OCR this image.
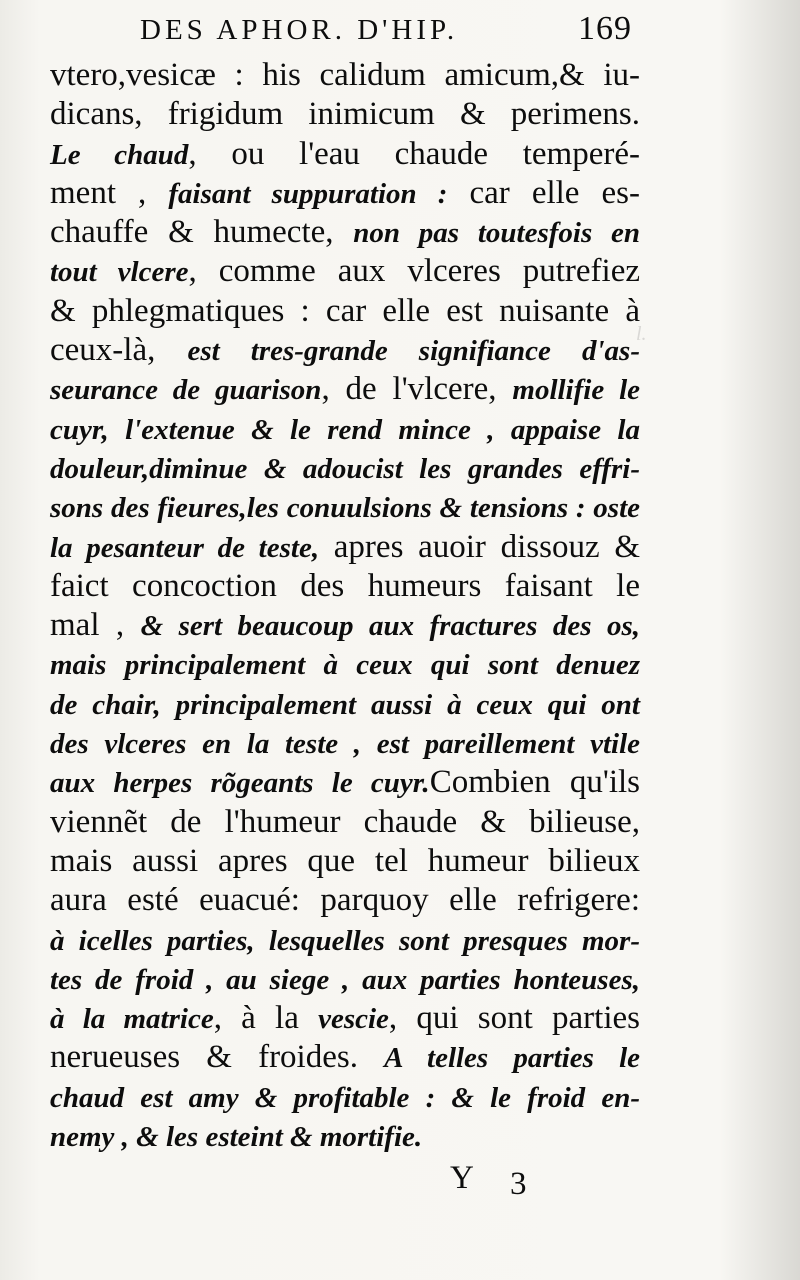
l.

DES APHOR. D'HIP.	169
vtero,vesicæ : his calidum amicum,& iu-
dicans, frigidum inimicum & perimens.
Le chaud, ou l'eau chaude temperé-
ment , faisant suppuration : car elle es-
chauffe & humecte, non pas toutesfois en
tout vlcere, comme aux vlceres putrefiez
& phlegmatiques : car elle est nuisante à
ceux-là, est tres-grande signifiance d'as-
seurance de guarison, de l'vlcere, mollifie le
cuyr, l'extenue & le rend mince , appaise la
douleur,diminue & adoucist les grandes effri-
sons des fieures,les conuulsions & tensions : oste
la pesanteur de teste, apres auoir dissouz &
faict concoction des humeurs faisant le
mal , & sert beaucoup aux fractures des os,
mais principalement à ceux qui sont denuez
de chair, principalement aussi à ceux qui ont
des vlceres en la teste , est pareillement vtile
aux herpes rõgeants le cuyr.Combien qu'ils
viennẽt de l'humeur chaude & bilieuse,
mais aussi apres que tel humeur bilieux
aura esté euacué: parquoy elle refrigere:
à icelles parties, lesquelles sont presques mor-
tes de froid , au siege , aux parties honteuses,
à la matrice, à la vescie, qui sont parties
nerueuses & froides. A telles parties le
chaud est amy & profitable : & le froid en-
nemy , & les esteint & mortifie.
Y 3
